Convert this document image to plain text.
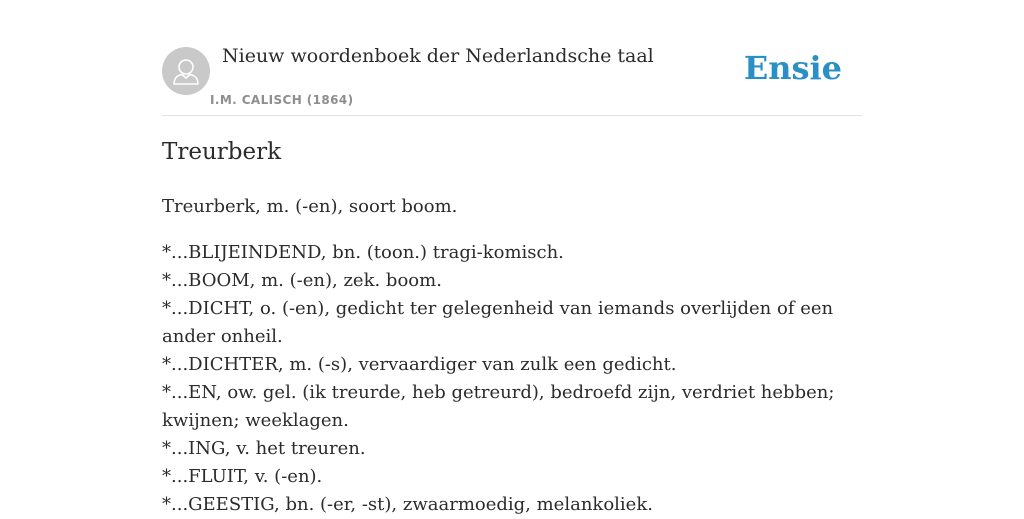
Nieuw woordenboek der Nederlandsche taal
I.M. CALISCH (1864)
Ensie
Treurberk
Treurberk, m. (-en), soort boom.
*...BLIJEINDEND, bn. (toon.) tragi-komisch.
*...BOOM, m. (-en), zek. boom.
*...DICHT, o. (-en), gedicht ter gelegenheid van iemands overlijden of een ander onheil.
*...DICHTER, m. (-s), vervaardiger van zulk een gedicht.
*...EN, ow. gel. (ik treurde, heb getreurd), bedroefd zijn, verdriet hebben; kwijnen; weeklagen.
*...ING, v. het treuren.
*...FLUIT, v. (-en).
*...GEESTIG, bn. (-er, -st), zwaarmoedig, melankoliek.
